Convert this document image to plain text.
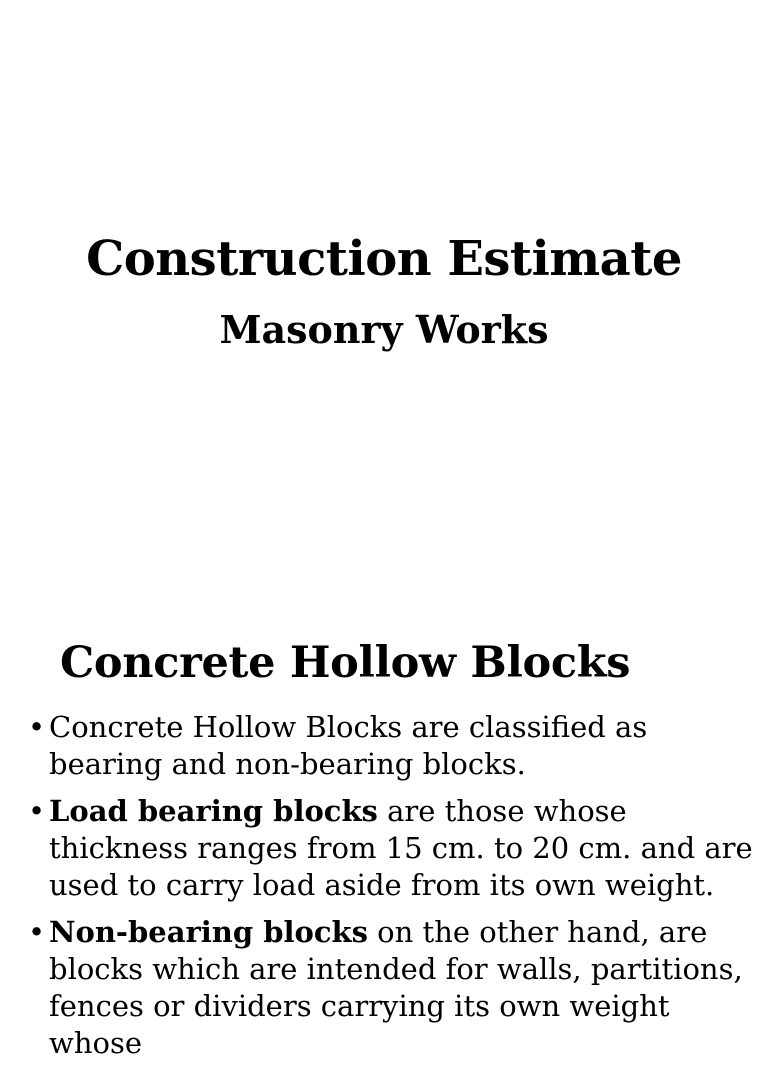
Construction Estimate
Masonry Works
Concrete Hollow Blocks
• Concrete Hollow Blocks are classified as bearing and non-bearing blocks.
• Load bearing blocks are those whose thickness ranges from 15 cm. to 20 cm. and are used to carry load aside from its own weight.
• Non-bearing blocks on the other hand, are blocks which are intended for walls, partitions, fences or dividers carrying its own weight whose
